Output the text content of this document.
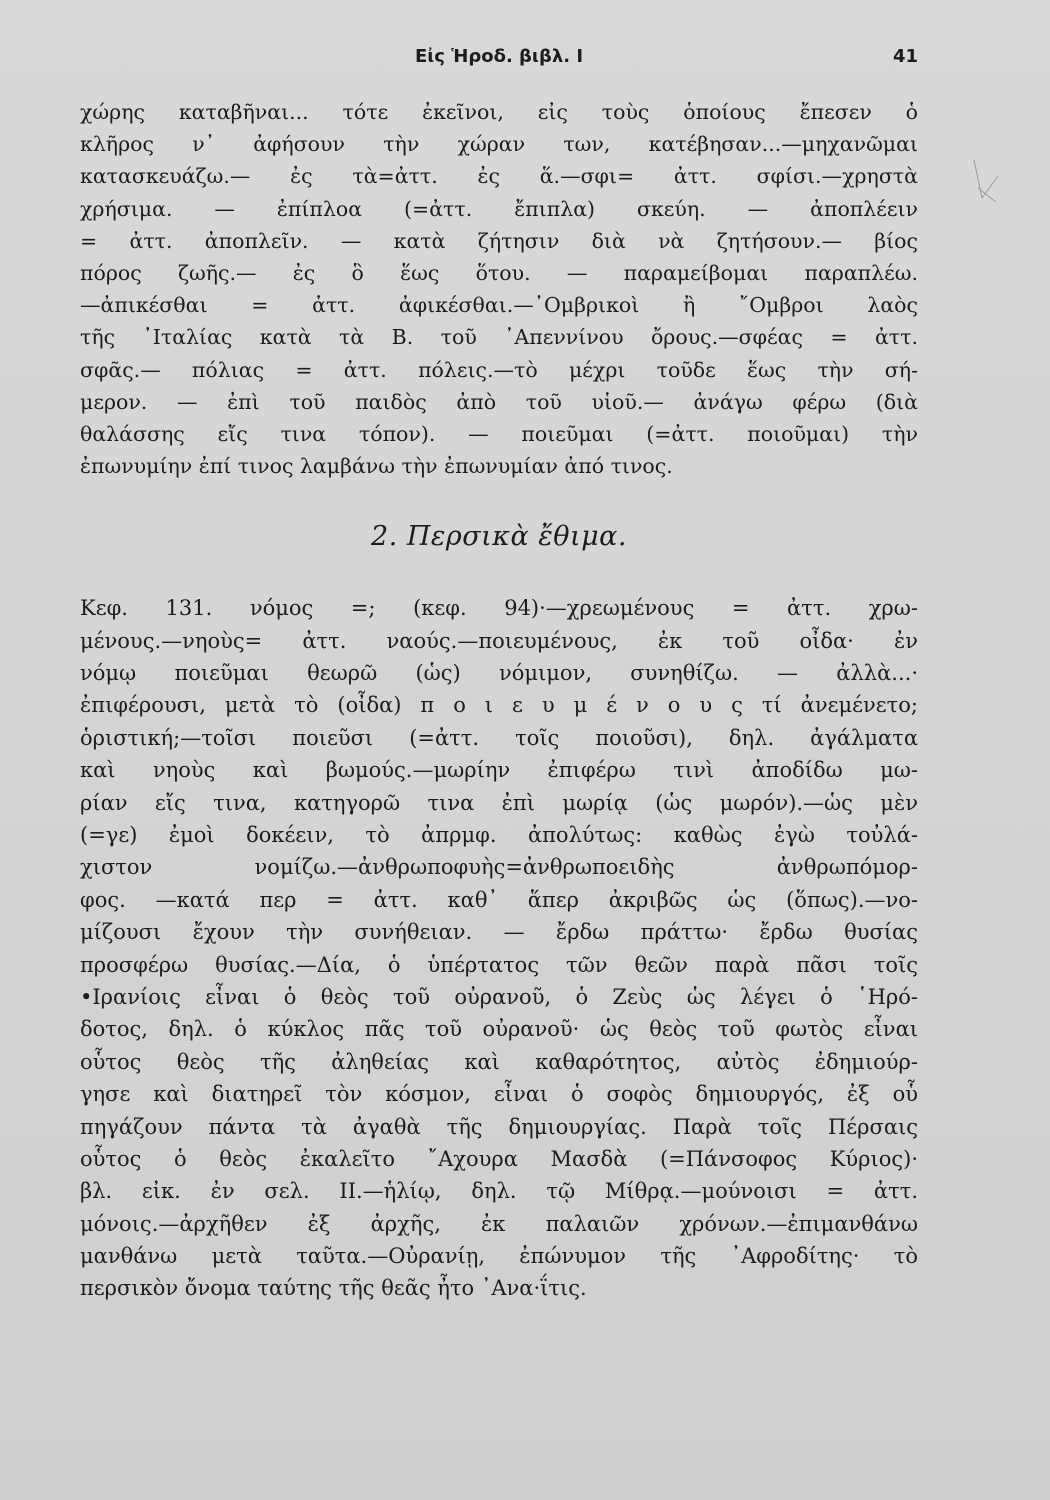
Εἰς Ἡροδ. βιβλ. I	41
χώρης καταβῆναι... τότε ἐκεῖνοι, εἰς τοὺς ὁποίους ἔπεσεν ὁ
κλῆρος ν᾽ ἀφήσουν τὴν χώραν των, κατέβησαν...—μηχανῶμαι
κατασκευάζω.— ἐς τὰ=ἀττ. ἐς ἅ.—σφι= ἀττ. σφίσι.—χρηστὰ
χρήσιμα. — ἐπίπλοα (=ἀττ. ἔπιπλα) σκεύη. — ἀποπλέειν
= ἀττ. ἀποπλεῖν. — κατὰ ζήτησιν διὰ νὰ ζητήσουν.— βίος
πόρος ζωῆς.— ἐς ὃ ἕως ὅτου. — παραμείβομαι παραπλέω.
—ἀπικέσθαι = ἀττ. ἀφικέσθαι.—᾽Ομβρικοὶ ἢ ῎Ομβροι λαὸς
τῆς ᾽Ιταλίας κατὰ τὰ Β. τοῦ ᾽Απεννίνου ὄρους.—σφέας = ἀττ.
σφᾶς.— πόλιας = ἀττ. πόλεις.—τὸ μέχρι τοῦδε ἕως τὴν σή-
μερον. — ἐπὶ τοῦ παιδὸς ἀπὸ τοῦ υἱοῦ.— ἀνάγω φέρω (διὰ
θαλάσσης εἴς τινα τόπον). — ποιεῦμαι (=ἀττ. ποιοῦμαι) τὴν
ἐπωνυμίην ἐπί τινος λαμβάνω τὴν ἐπωνυμίαν ἀπό τινος.
2. Περσικὰ ἔθιμα.
Κεφ. 131. νόμος =; (κεφ. 94)·—χρεωμένους = ἀττ. χρω-
μένους.—νηοὺς= ἀττ. ναούς.—ποιευμένους, ἐκ τοῦ οἶδα· ἐν
νόμῳ ποιεῦμαι θεωρῶ (ὡς) νόμιμον, συνηθίζω. — ἀλλὰ...·
ἐπιφέρουσι, μετὰ τὸ (οἶδα) π ο ι ε υ μ έ ν ο υ ς τί ἀνεμένετο;
ὁριστική;—τοῖσι ποιεῦσι (=ἀττ. τοῖς ποιοῦσι), δηλ. ἀγάλματα
καὶ νηοὺς καὶ βωμούς.—μωρίην ἐπιφέρω τινὶ ἀποδίδω μω-
ρίαν εἴς τινα, κατηγορῶ τινα ἐπὶ μωρίᾳ (ὡς μωρόν).—ὡς μὲν
(=γε) ἐμοὶ δοκέειν, τὸ ἀπρμφ. ἀπολύτως: καθὼς ἐγὼ τοὐλά-
χιστον νομίζω.—ἀνθρωποφυὴς=ἀνθρωποειδὴς ἀνθρωπόμορ-
φος. —κατά περ = ἀττ. καθ᾽ ἅπερ ἀκριβῶς ὡς (ὅπως).—νο-
μίζουσι ἔχουν τὴν συνήθειαν. — ἔρδω πράττω· ἔρδω θυσίας
προσφέρω θυσίας.—Δία, ὁ ὑπέρτατος τῶν θεῶν παρὰ πᾶσι τοῖς
•Ιρανίοις εἶναι ὁ θεὸς τοῦ οὐρανοῦ, ὁ Ζεὺς ὡς λέγει ὁ ῾Ηρό-
δοτος, δηλ. ὁ κύκλος πᾶς τοῦ οὐρανοῦ· ὡς θεὸς τοῦ φωτὸς εἶναι
οὗτος θεὸς τῆς ἀληθείας καὶ καθαρότητος, αὐτὸς ἐδημιούρ-
γησε καὶ διατηρεῖ τὸν κόσμον, εἶναι ὁ σοφὸς δημιουργός, ἐξ οὗ
πηγάζουν πάντα τὰ ἀγαθὰ τῆς δημιουργίας. Παρὰ τοῖς Πέρσαις
οὗτος ὁ θεὸς ἐκαλεῖτο ῎Αχουρα Μασδὰ (=Πάνσοφος Κύριος)·
βλ. εἰκ. ἐν σελ. II.—ἡλίῳ, δηλ. τῷ Μίθρᾳ.—μούνοισι = ἀττ.
μόνοις.—ἀρχῆθεν ἐξ ἀρχῆς, ἐκ παλαιῶν χρόνων.—ἐπιμανθάνω
μανθάνω μετὰ ταῦτα.—Οὐρανίῃ, ἐπώνυμον τῆς ᾽Αφροδίτης· τὸ
περσικὸν ὄνομα ταύτης τῆς θεᾶς ἦτο ᾽Ανα·ΐτις.
